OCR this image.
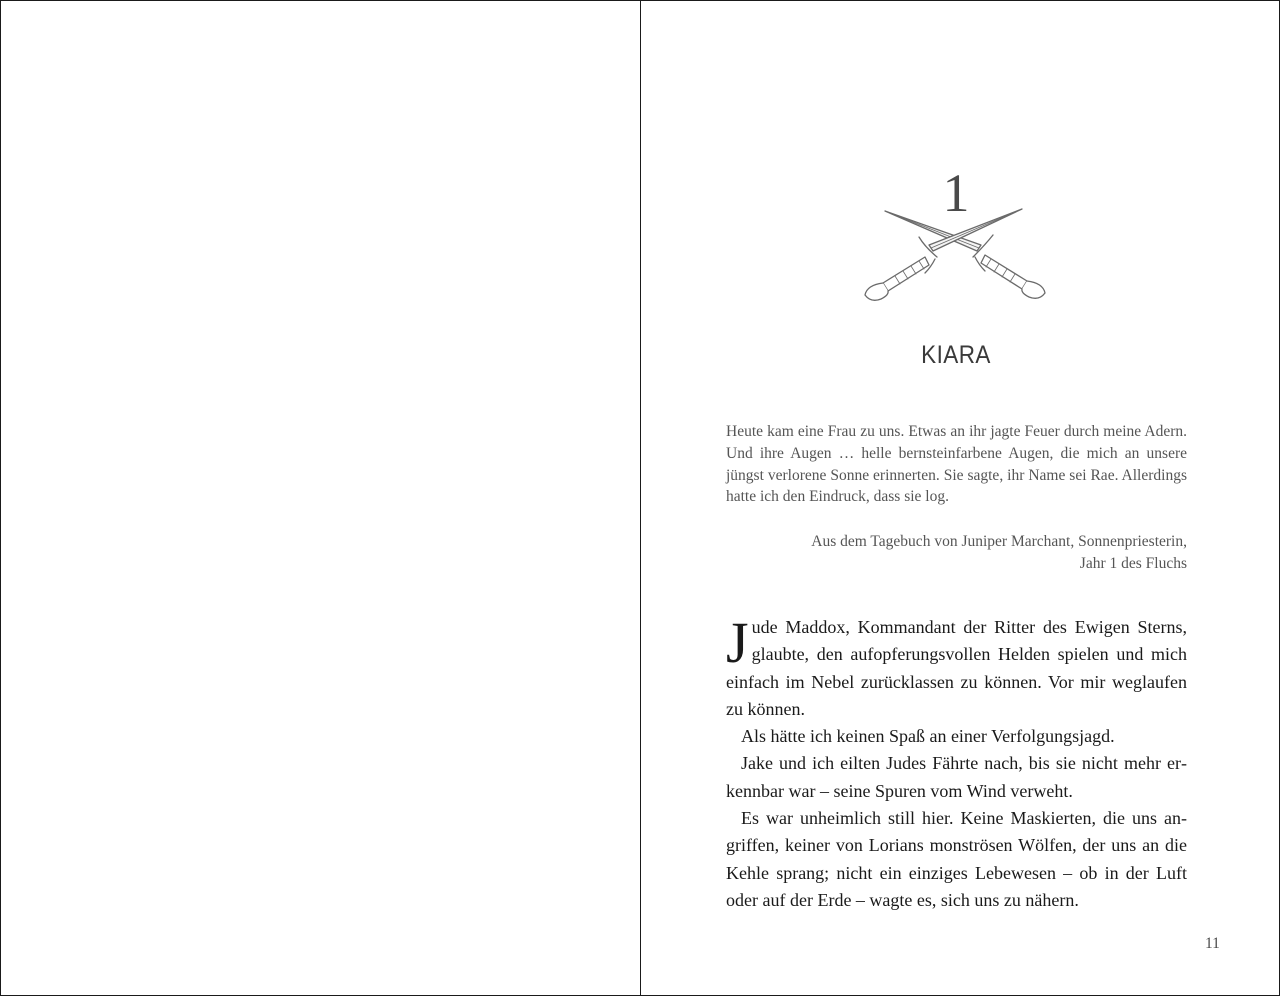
1
KIARA

Heute kam eine Frau zu uns. Etwas an ihr jagte Feuer durch meine Adern. Und ihre Augen … helle bernsteinfarbene Augen, die mich an unsere jüngst verlorene Sonne erinnerten. Sie sagte, ihr Name sei Rae. Allerdings hatte ich den Eindruck, dass sie log.

Aus dem Tagebuch von Juniper Marchant, Sonnenpriesterin,
Jahr 1 des Fluchs

Jude Maddox, Kommandant der Ritter des Ewigen Sterns, glaubte, den aufopferungsvollen Helden spielen und mich einfach im Nebel zurücklassen zu können. Vor mir weglaufen zu können.

Als hätte ich keinen Spaß an einer Verfolgungsjagd.

Jake und ich eilten Judes Fährte nach, bis sie nicht mehr erkennbar war – seine Spuren vom Wind verweht.

Es war unheimlich still hier. Keine Maskierten, die uns angriffen, keiner von Lorians monströsen Wölfen, der uns an die Kehle sprang; nicht ein einziges Lebewesen – ob in der Luft oder auf der Erde – wagte es, sich uns zu nähern.

11
